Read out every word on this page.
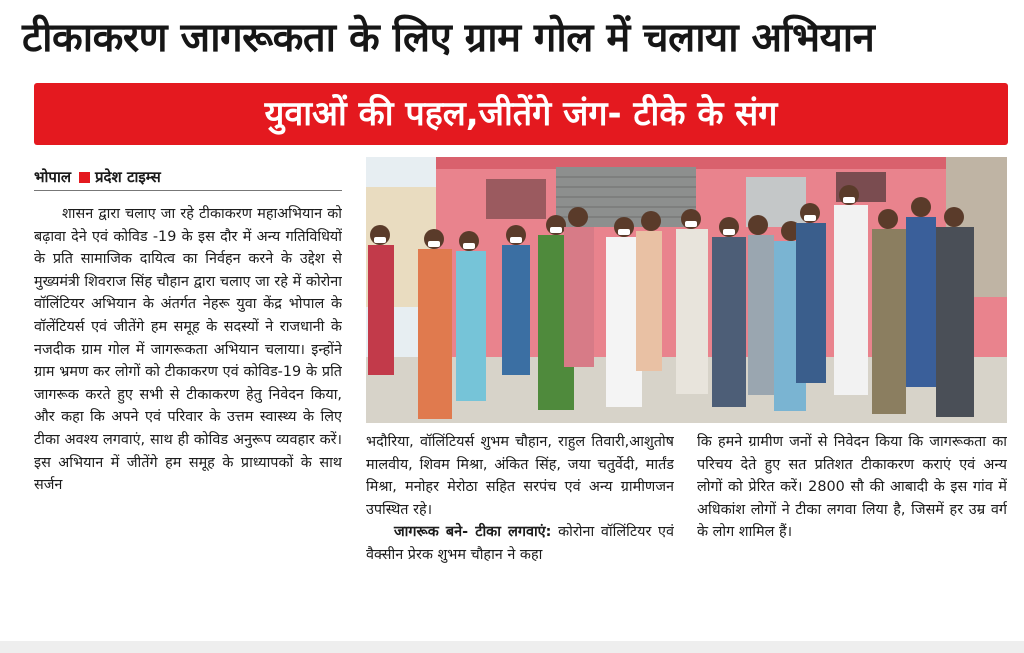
टीकाकरण जागरूकता के लिए ग्राम गोल में चलाया अभियान
युवाओं की पहल,जीतेंगे जंग- टीके के संग
भोपाल प्रदेश टाइम्स
शासन द्वारा चलाए जा रहे टीकाकरण महाअभियान को बढ़ावा देने एवं कोविड -19 के इस दौर में अन्य गतिविधियों के प्रति सामाजिक दायित्व का निर्वहन करने के उद्देश से मुख्यमंत्री शिवराज सिंह चौहान द्वारा चलाए जा रहे में कोरोना वॉलिंटियर अभियान के अंतर्गत नेहरू युवा केंद्र भोपाल के वॉलेंटियर्स एवं जीतेंगे हम समूह के सदस्यों ने राजधानी के नजदीक ग्राम गोल में जागरूकता अभियान चलाया। इन्होंने ग्राम भ्रमण कर लोगों को टीकाकरण एवं कोविड-19 के प्रति जागरूक करते हुए सभी से टीकाकरण हेतु निवेदन किया, और कहा कि अपने एवं परिवार के उत्तम स्वास्थ्य के लिए टीका अवश्य लगवाएं, साथ ही कोविड अनुरूप व्यवहार करें। इस अभियान में जीतेंगे हम समूह के प्राध्यापकों के साथ सर्जन
भदौरिया, वॉलिंटियर्स शुभम चौहान, राहुल तिवारी,आशुतोष मालवीय, शिवम मिश्रा, अंकित सिंह, जया चतुर्वेदी, मार्तंड मिश्रा, मनोहर मेरोठा सहित सरपंच एवं अन्य ग्रामीणजन उपस्थित रहे।
जागरूक बने- टीका लगवाएं: कोरोना वॉलिंटियर एवं वैक्सीन प्रेरक शुभम चौहान ने कहा
कि हमने ग्रामीण जनों से निवेदन किया कि जागरूकता का परिचय देते हुए सत प्रतिशत टीकाकरण कराएं एवं अन्य लोगों को प्रेरित करें। 2800 सौ की आबादी के इस गांव में अधिकांश लोगों ने टीका लगवा लिया है, जिसमें हर उम्र वर्ग के लोग शामिल हैं।
